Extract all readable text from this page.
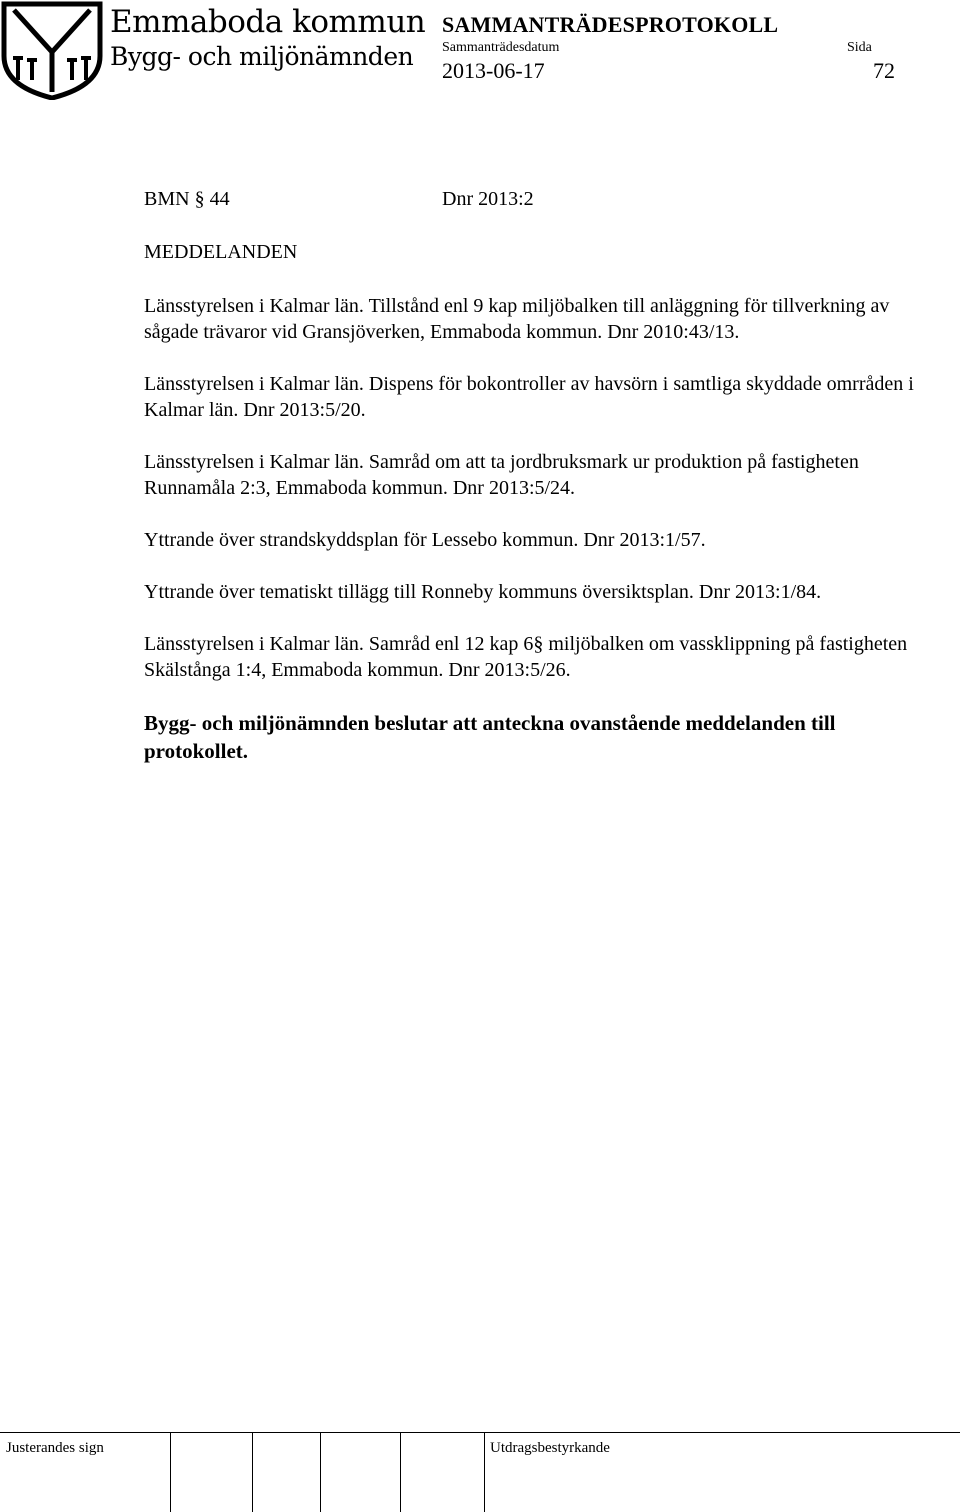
Emmaboda kommun
Bygg- och miljönämnden
SAMMANTRÄDESPROTOKOLL
Sammanträdesdatum	Sida
2013-06-17	72
BMN § 44	Dnr 2013:2

MEDDELANDEN

Länsstyrelsen i Kalmar län. Tillstånd enl 9 kap miljöbalken till anläggning för tillverkning av sågade trävaror vid Gransjöverken, Emmaboda kommun. Dnr 2010:43/13.

Länsstyrelsen i Kalmar län. Dispens för bokontroller av havsörn i samtliga skyddade omrråden i Kalmar län. Dnr 2013:5/20.

Länsstyrelsen i Kalmar län. Samråd om att ta jordbruksmark ur produktion på fastigheten Runnamåla 2:3, Emmaboda kommun. Dnr 2013:5/24.

Yttrande över strandskyddsplan för Lessebo kommun. Dnr 2013:1/57.

Yttrande över tematiskt tillägg till Ronneby kommuns översiktsplan. Dnr 2013:1/84.

Länsstyrelsen i Kalmar län. Samråd enl 12 kap 6§ miljöbalken om vassklippning på fastigheten Skälstånga 1:4, Emmaboda kommun. Dnr 2013:5/26.

Bygg- och miljönämnden beslutar att anteckna ovanstående meddelanden till protokollet.

Justerandes sign	Utdragsbestyrkande
